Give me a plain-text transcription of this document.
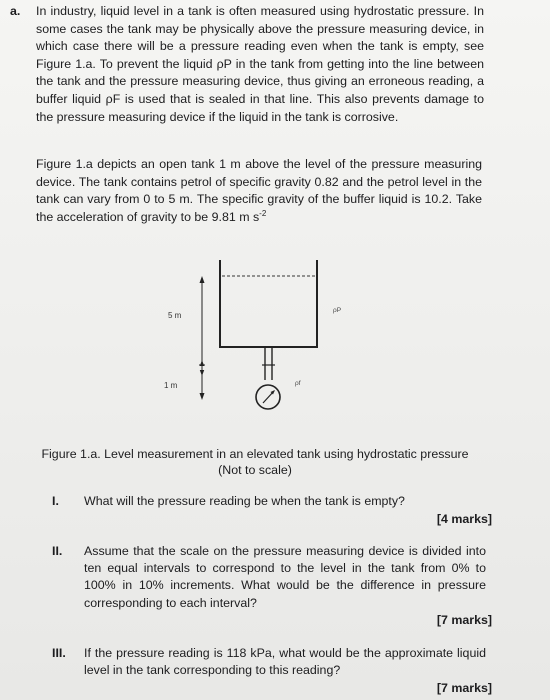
a. In industry, liquid level in a tank is often measured using hydrostatic pressure. In some cases the tank may be physically above the pressure measuring device, in which case there will be a pressure reading even when the tank is empty, see Figure 1.a. To prevent the liquid ρP in the tank from getting into the line between the tank and the pressure measuring device, thus giving an erroneous reading, a buffer liquid ρF is used that is sealed in that line. This also prevents damage to the pressure measuring device if the liquid in the tank is corrosive.
Figure 1.a depicts an open tank 1 m above the level of the pressure measuring device. The tank contains petrol of specific gravity 0.82 and the petrol level in the tank can vary from 0 to 5 m. The specific gravity of the buffer liquid is 10.2. Take the acceleration of gravity to be 9.81 m $s^{-2}$
5 m
1 m
ρP
ρf
Figure 1.a. Level measurement in an elevated tank using hydrostatic pressure
(Not to scale)
I. What will the pressure reading be when the tank is empty?
[4 marks]
II. Assume that the scale on the pressure measuring device is divided into ten equal intervals to correspond to the level in the tank from 0% to 100% in 10% increments. What would be the difference in pressure corresponding to each interval?
[7 marks]
III. If the pressure reading is 118 kPa, what would be the approximate liquid level in the tank corresponding to this reading?
[7 marks]
